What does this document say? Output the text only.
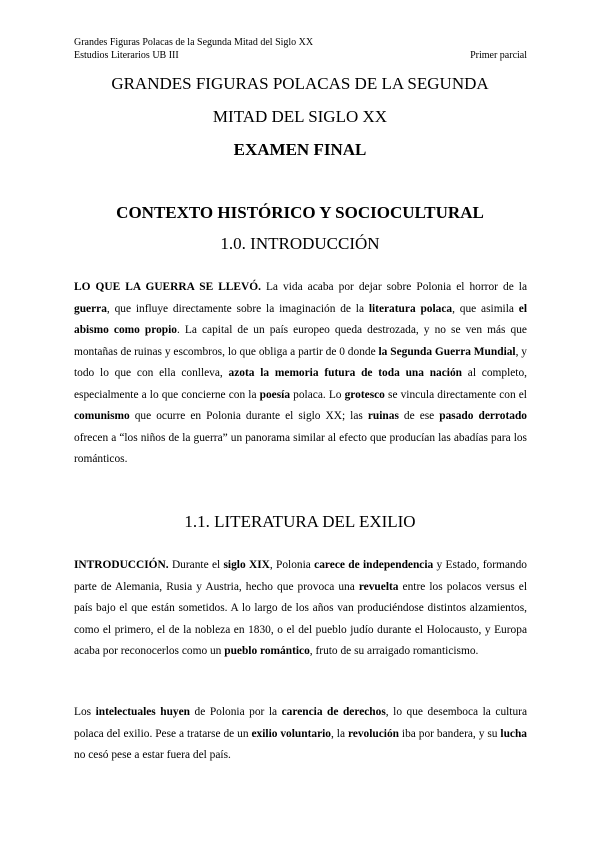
Grandes Figuras Polacas de la Segunda Mitad del Siglo XX
Estudios Literarios UB III	Primer parcial
GRANDES FIGURAS POLACAS DE LA SEGUNDA
MITAD DEL SIGLO XX
EXAMEN FINAL
CONTEXTO HISTÓRICO Y SOCIOCULTURAL
1.0. INTRODUCCIÓN

LO QUE LA GUERRA SE LLEVÓ. La vida acaba por dejar sobre Polonia el horror de la guerra, que influye directamente sobre la imaginación de la literatura polaca, que asimila el abismo como propio. La capital de un país europeo queda destrozada, y no se ven más que montañas de ruinas y escombros, lo que obliga a partir de 0 donde la Segunda Guerra Mundial, y todo lo que con ella conlleva, azota la memoria futura de toda una nación al completo, especialmente a lo que concierne con la poesía polaca. Lo grotesco se vincula directamente con el comunismo que ocurre en Polonia durante el siglo XX; las ruinas de ese pasado derrotado ofrecen a “los niños de la guerra” un panorama similar al efecto que producían las abadías para los románticos.

1.1. LITERATURA DEL EXILIO

INTRODUCCIÓN. Durante el siglo XIX, Polonia carece de independencia y Estado, formando parte de Alemania, Rusia y Austria, hecho que provoca una revuelta entre los polacos versus el país bajo el que están sometidos. A lo largo de los años van produciéndose distintos alzamientos, como el primero, el de la nobleza en 1830, o el del pueblo judío durante el Holocausto, y Europa acaba por reconocerlos como un pueblo romántico, fruto de su arraigado romanticismo.

Los intelectuales huyen de Polonia por la carencia de derechos, lo que desemboca la cultura polaca del exilio. Pese a tratarse de un exilio voluntario, la revolución iba por bandera, y su lucha no cesó pese a estar fuera del país.
